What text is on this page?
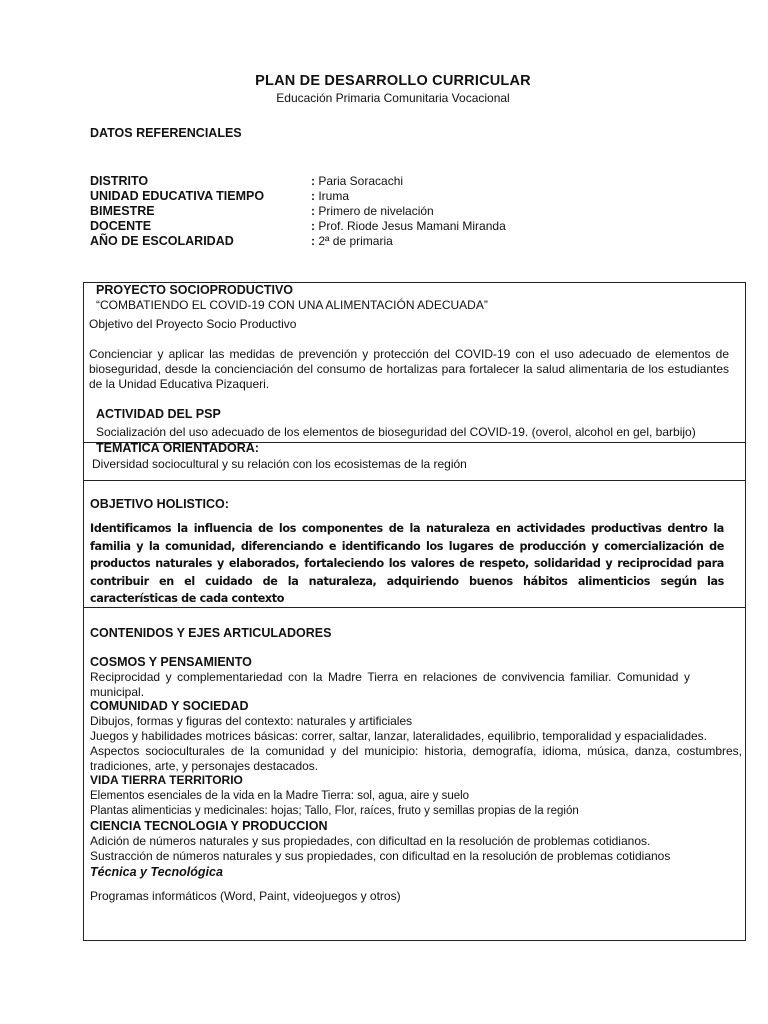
PLAN DE DESARROLLO CURRICULAR
Educación Primaria Comunitaria Vocacional
DATOS REFERENCIALES
DISTRITO	: Paria Soracachi
UNIDAD EDUCATIVA TIEMPO	: Iruma
BIMESTRE	: Primero de nivelación
DOCENTE	: Prof. Riode Jesus Mamani Miranda
AÑO DE ESCOLARIDAD	: 2ª de primaria
PROYECTO SOCIOPRODUCTIVO
“COMBATIENDO EL COVID-19 CON UNA ALIMENTACIÓN ADECUADA”
Objetivo del Proyecto Socio Productivo
Concienciar y aplicar las medidas de prevención y protección del COVID-19 con el uso adecuado de elementos de bioseguridad, desde la concienciación del consumo de hortalizas para fortalecer la salud alimentaria de los estudiantes de la Unidad Educativa Pizaqueri.
ACTIVIDAD DEL PSP
Socialización del uso adecuado de los elementos de bioseguridad del COVID-19. (overol, alcohol en gel, barbijo)
TEMATICA ORIENTADORA:
Diversidad sociocultural y su relación con los ecosistemas de la región
OBJETIVO HOLISTICO:
Identificamos la influencia de los componentes de la naturaleza en actividades productivas dentro la familia y la comunidad, diferenciando e identificando los lugares de producción y comercialización de productos naturales y elaborados, fortaleciendo los valores de respeto, solidaridad y reciprocidad para contribuir en el cuidado de la naturaleza, adquiriendo buenos hábitos alimenticios según las características de cada contexto
CONTENIDOS Y EJES ARTICULADORES
COSMOS Y PENSAMIENTO
Reciprocidad y complementariedad con la Madre Tierra en relaciones de convivencia familiar. Comunidad y municipal.
COMUNIDAD Y SOCIEDAD
Dibujos, formas y figuras del contexto: naturales y artificiales
Juegos y habilidades motrices básicas: correr, saltar, lanzar, lateralidades, equilibrio, temporalidad y espacialidades.
Aspectos socioculturales de la comunidad y del municipio: historia, demografía, idioma, música, danza, costumbres, tradiciones, arte, y personajes destacados.
VIDA TIERRA TERRITORIO
Elementos esenciales de la vida en la Madre Tierra: sol, agua, aire y suelo
Plantas alimenticias y medicinales: hojas; Tallo, Flor, raíces, fruto y semillas propias de la región
CIENCIA TECNOLOGIA Y PRODUCCION
Adición de números naturales y sus propiedades, con dificultad en la resolución de problemas cotidianos.
Sustracción de números naturales y sus propiedades, con dificultad en la resolución de problemas cotidianos
Técnica y Tecnológica
Programas informáticos (Word, Paint, videojuegos y otros)
